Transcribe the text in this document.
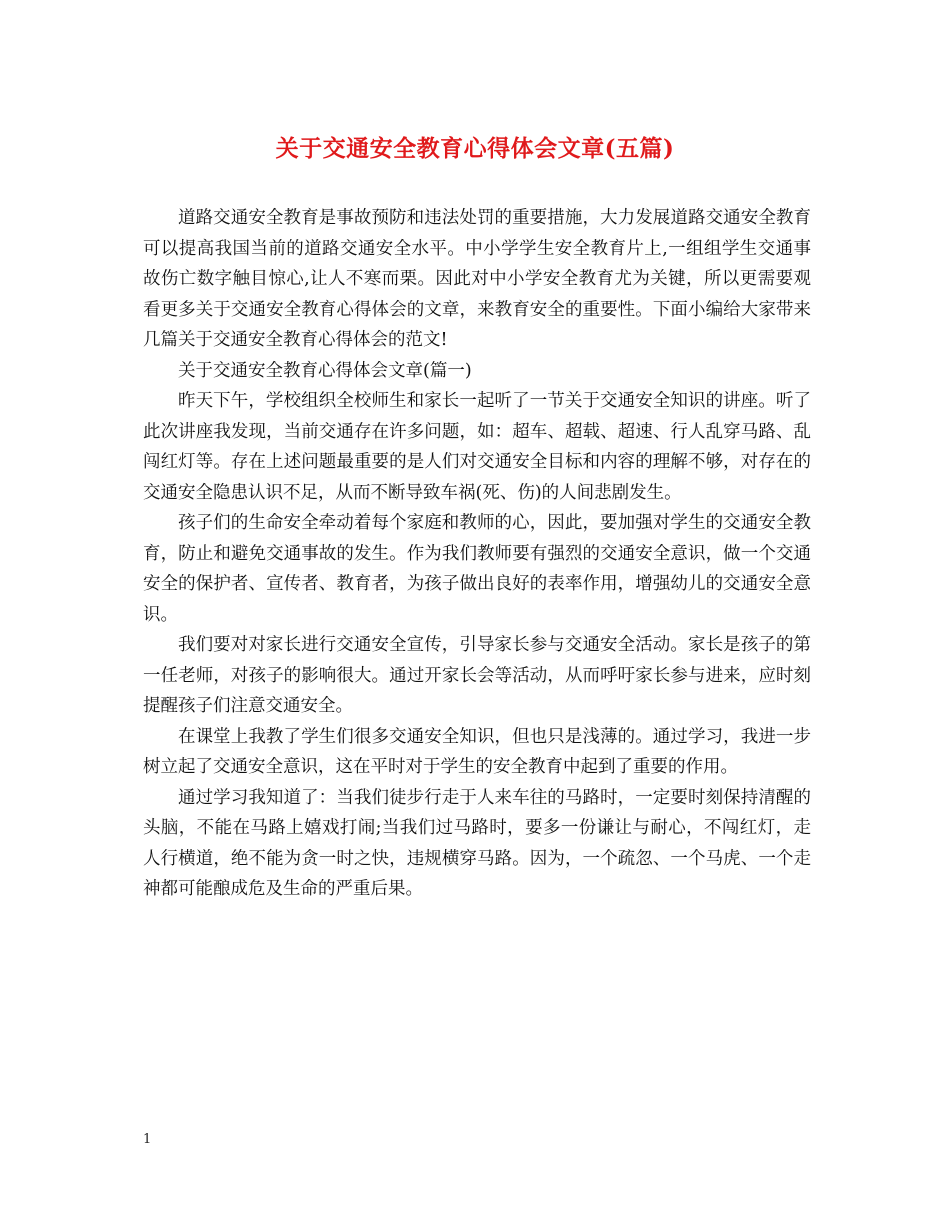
关于交通安全教育心得体会文章(五篇)

道路交通安全教育是事故预防和违法处罚的重要措施，大力发展道路交通安全教育可以提高我国当前的道路交通安全水平。中小学学生安全教育片上,一组组学生交通事故伤亡数字触目惊心,让人不寒而栗。因此对中小学安全教育尤为关键，所以更需要观看更多关于交通安全教育心得体会的文章，来教育安全的重要性。下面小编给大家带来几篇关于交通安全教育心得体会的范文!

关于交通安全教育心得体会文章(篇一)

昨天下午，学校组织全校师生和家长一起听了一节关于交通安全知识的讲座。听了此次讲座我发现，当前交通存在许多问题，如：超车、超载、超速、行人乱穿马路、乱闯红灯等。存在上述问题最重要的是人们对交通安全目标和内容的理解不够，对存在的交通安全隐患认识不足，从而不断导致车祸(死、伤)的人间悲剧发生。

孩子们的生命安全牵动着每个家庭和教师的心，因此，要加强对学生的交通安全教育，防止和避免交通事故的发生。作为我们教师要有强烈的交通安全意识，做一个交通安全的保护者、宣传者、教育者，为孩子做出良好的表率作用，增强幼儿的交通安全意识。

我们要对对家长进行交通安全宣传，引导家长参与交通安全活动。家长是孩子的第一任老师，对孩子的影响很大。通过开家长会等活动，从而呼吁家长参与进来，应时刻提醒孩子们注意交通安全。

在课堂上我教了学生们很多交通安全知识，但也只是浅薄的。通过学习，我进一步树立起了交通安全意识，这在平时对于学生的安全教育中起到了重要的作用。

通过学习我知道了：当我们徒步行走于人来车往的马路时，一定要时刻保持清醒的头脑，不能在马路上嬉戏打闹;当我们过马路时，要多一份谦让与耐心，不闯红灯，走人行横道，绝不能为贪一时之快，违规横穿马路。因为，一个疏忽、一个马虎、一个走神都可能酿成危及生命的严重后果。

1
